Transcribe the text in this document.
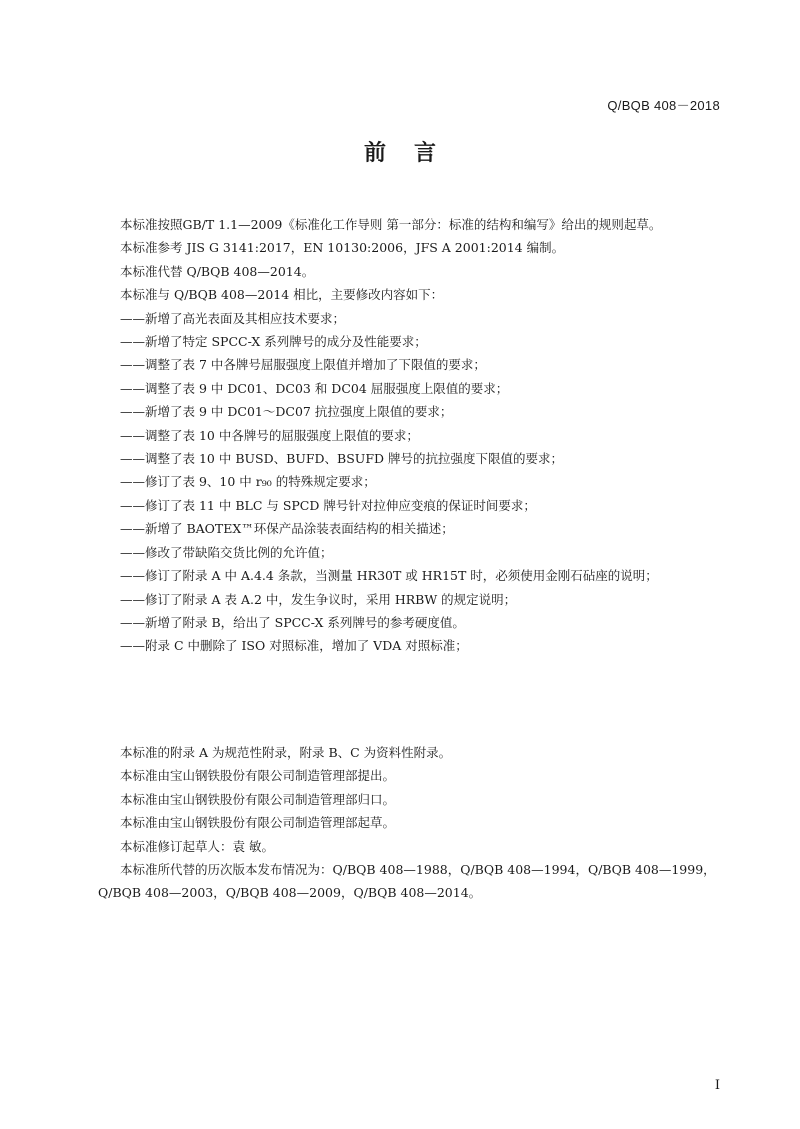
Q/BQB 408－2018
前言

本标准按照GB/T 1.1—2009《标准化工作导则 第一部分：标准的结构和编写》给出的规则起草。

本标准参考 JIS G 3141:2017，EN 10130:2006，JFS A 2001:2014 编制。

本标准代替 Q/BQB 408—2014。

本标准与 Q/BQB 408—2014 相比，主要修改内容如下：

——新增了高光表面及其相应技术要求；

——新增了特定 SPCC-X 系列牌号的成分及性能要求；

——调整了表 7 中各牌号屈服强度上限值并增加了下限值的要求；

——调整了表 9 中 DC01、DC03 和 DC04 屈服强度上限值的要求；

——新增了表 9 中 DC01～DC07 抗拉强度上限值的要求；

——调整了表 10 中各牌号的屈服强度上限值的要求；

——调整了表 10 中 BUSD、BUFD、BSUFD 牌号的抗拉强度下限值的要求；

——修订了表 9、10 中 r₉₀ 的特殊规定要求；

——修订了表 11 中 BLC 与 SPCD 牌号针对拉伸应变痕的保证时间要求；

——新增了 BAOTEX™环保产品涂装表面结构的相关描述；

——修改了带缺陷交货比例的允许值；

——修订了附录 A 中 A.4.4 条款，当测量 HR30T 或 HR15T 时，必须使用金刚石砧座的说明；

——修订了附录 A 表 A.2 中，发生争议时，采用 HRBW 的规定说明；

——新增了附录 B，给出了 SPCC-X 系列牌号的参考硬度值。

——附录 C 中删除了 ISO 对照标准，增加了 VDA 对照标准；

本标准的附录 A 为规范性附录，附录 B、C 为资料性附录。

本标准由宝山钢铁股份有限公司制造管理部提出。

本标准由宝山钢铁股份有限公司制造管理部归口。

本标准由宝山钢铁股份有限公司制造管理部起草。

本标准修订起草人：袁 敏。

本标准所代替的历次版本发布情况为：Q/BQB 408—1988，Q/BQB 408—1994，Q/BQB 408—1999，

Q/BQB 408—2003，Q/BQB 408—2009，Q/BQB 408—2014。

I
